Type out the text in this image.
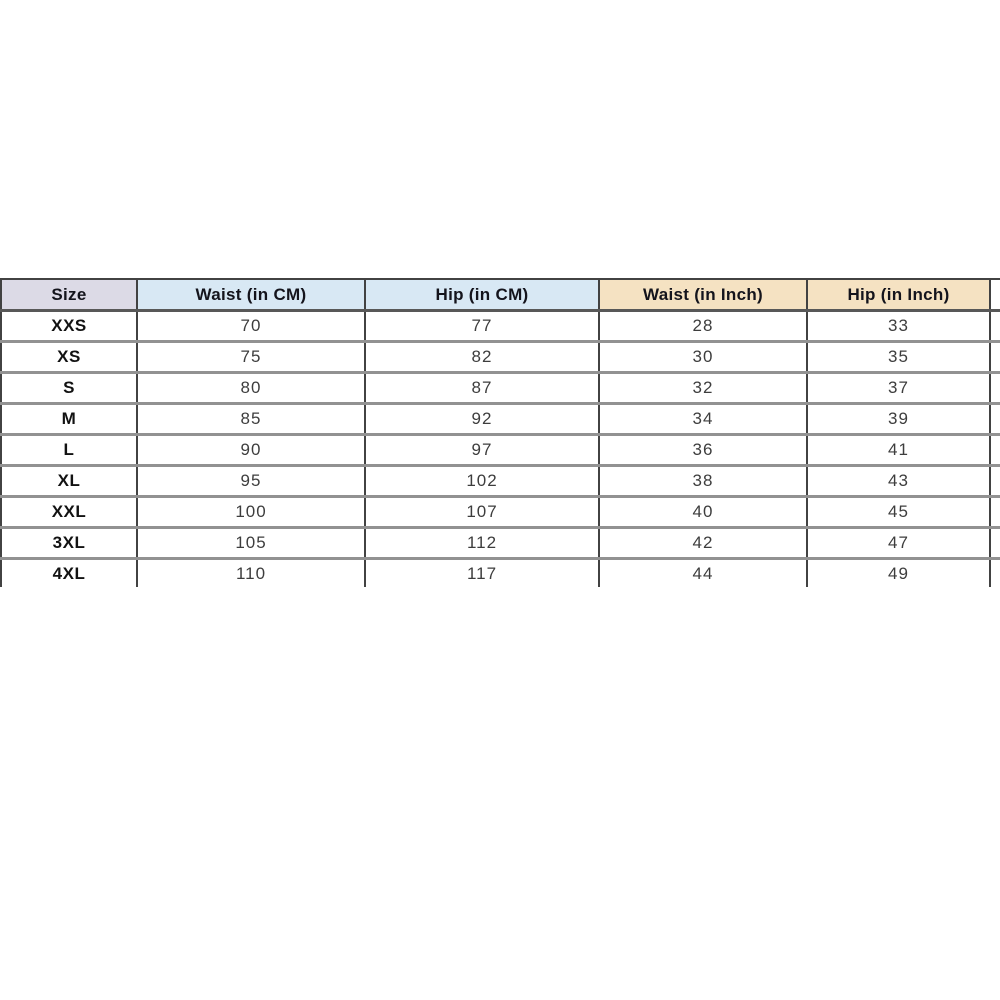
Size	Waist (in CM)	Hip (in CM)	Waist (in Inch)	Hip (in Inch)	
XXS	70	77	28	33	
XS	75	82	30	35	
S	80	87	32	37	
M	85	92	34	39	
L	90	97	36	41	
XL	95	102	38	43	
XXL	100	107	40	45	
3XL	105	112	42	47	
4XL	110	117	44	49	
